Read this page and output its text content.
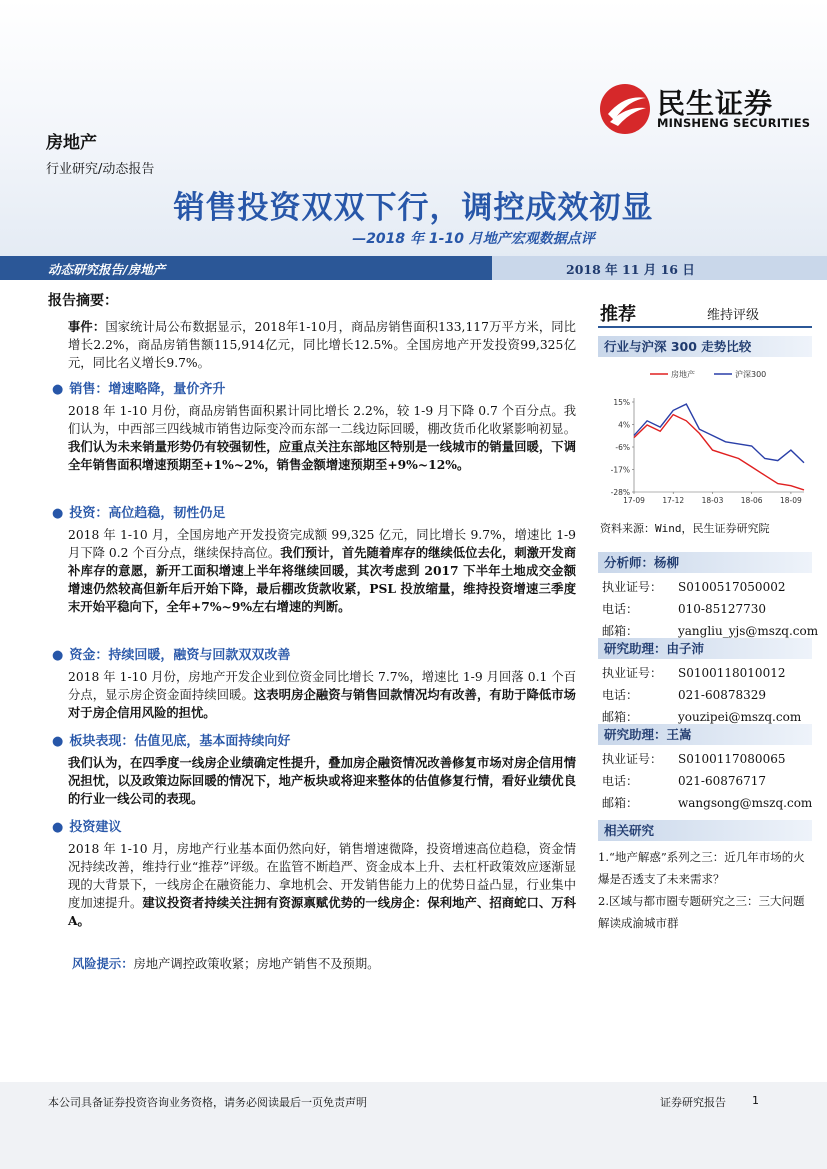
民生证券
MINSHENG SECURITIES
房地产
行业研究/动态报告
销售投资双双下行，调控成效初显
—2018 年 1-10 月地产宏观数据点评
动态研究报告/房地产	2018 年 11 月 16 日
报告摘要：
事件：国家统计局公布数据显示，2018年1-10月，商品房销售面积133,117万平方米，同比增长2.2%，商品房销售额115,914亿元，同比增长12.5%。全国房地产开发投资99,325亿元，同比名义增长9.7%。
● 销售：增速略降，量价齐升
2018 年 1-10 月份，商品房销售面积累计同比增长 2.2%，较 1-9 月下降 0.7 个百分点。我们认为，中西部三四线城市销售边际变冷而东部一二线边际回暖，棚改货币化收紧影响初显。我们认为未来销量形势仍有较强韧性，应重点关注东部地区特别是一线城市的销量回暖，下调全年销售面积增速预期至+1%~2%，销售金额增速预期至+9%~12%。
● 投资：高位趋稳，韧性仍足
2018 年 1-10 月，全国房地产开发投资完成额 99,325 亿元，同比增长 9.7%，增速比 1-9 月下降 0.2 个百分点，继续保持高位。我们预计，首先随着库存的继续低位去化，刺激开发商补库存的意愿，新开工面积增速上半年将继续回暖，其次考虑到 2017 下半年土地成交金额增速仍然较高但新年后开始下降，最后棚改货款收紧，PSL 投放缩量，维持投资增速三季度末开始平稳向下，全年+7%~9%左右增速的判断。
● 资金：持续回暖，融资与回款双双改善
2018 年 1-10 月份，房地产开发企业到位资金同比增长 7.7%，增速比 1-9 月回落 0.1 个百分点，显示房企资金面持续回暖。这表明房企融资与销售回款情况均有改善，有助于降低市场对于房企信用风险的担忧。
● 板块表现：估值见底，基本面持续向好
我们认为，在四季度一线房企业绩确定性提升，叠加房企融资情况改善修复市场对房企信用情况担忧，以及政策边际回暖的情况下，地产板块或将迎来整体的估值修复行情，看好业绩优良的行业一线公司的表现。
● 投资建议
2018 年 1-10 月，房地产行业基本面仍然向好，销售增速微降，投资增速高位趋稳，资金情况持续改善，维持行业“推荐”评级。在监管不断趋严、资金成本上升、去杠杆政策效应逐渐显现的大背景下，一线房企在融资能力、拿地机会、开发销售能力上的优势日益凸显，行业集中度加速提升。建议投资者持续关注拥有资源禀赋优势的一线房企：保利地产、招商蛇口、万科 A。
风险提示：房地产调控政策收紧；房地产销售不及预期。
推荐	维持评级
行业与沪深 300 走势比较
房地产	沪深300
15%
4%
-6%
-17%
-28%
17-09 17-12 18-03 18-06 18-09
资料来源：Wind，民生证券研究院
分析师：杨柳
执业证号： S0100517050002
电话：	010-85127730
邮箱：	yangliu_yjs@mszq.com
研究助理：由子沛
执业证号： S0100118010012
电话：	021-60878329
邮箱：	youzipei@mszq.com
研究助理：王嵩
执业证号： S0100117080065
电话：	021-60876717
邮箱：	wangsong@mszq.com
相关研究
1.“地产解惑”系列之三：近几年市场的火爆是否透支了未来需求？
2.区域与都市圈专题研究之三：三大问题解读成渝城市群
本公司具备证券投资咨询业务资格，请务必阅读最后一页免责声明	证券研究报告 1
